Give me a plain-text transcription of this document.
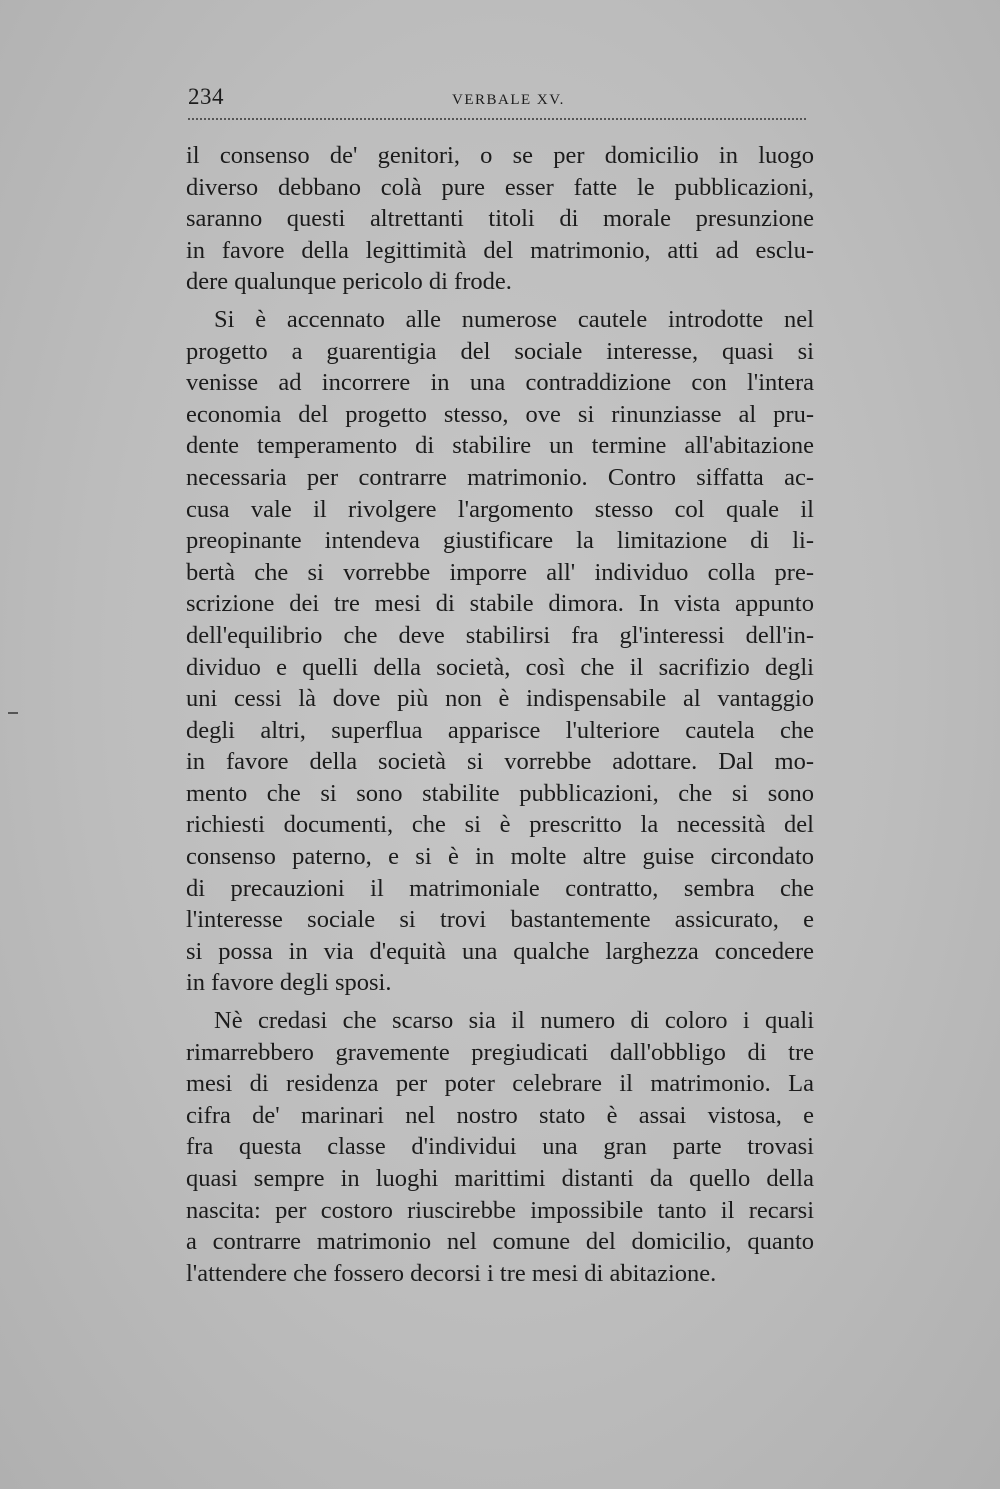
234	VERBALE XV.
il consenso de' genitori, o se per domicilio in luogo
diverso debbano colà pure esser fatte le pubblicazioni,
saranno questi altrettanti titoli di morale presunzione
in favore della legittimità del matrimonio, atti ad esclu-
dere qualunque pericolo di frode.
Si è accennato alle numerose cautele introdotte nel
progetto a guarentigia del sociale interesse, quasi si
venisse ad incorrere in una contraddizione con l'intera
economia del progetto stesso, ove si rinunziasse al pru-
dente temperamento di stabilire un termine all'abitazione
necessaria per contrarre matrimonio. Contro siffatta ac-
cusa vale il rivolgere l'argomento stesso col quale il
preopinante intendeva giustificare la limitazione di li-
bertà che si vorrebbe imporre all' individuo colla pre-
scrizione dei tre mesi di stabile dimora. In vista appunto
dell'equilibrio che deve stabilirsi fra gl'interessi dell'in-
dividuo e quelli della società, così che il sacrifizio degli
uni cessi là dove più non è indispensabile al vantaggio
degli altri, superflua apparisce l'ulteriore cautela che
in favore della società si vorrebbe adottare. Dal mo-
mento che si sono stabilite pubblicazioni, che si sono
richiesti documenti, che si è prescritto la necessità del
consenso paterno, e si è in molte altre guise circondato
di precauzioni il matrimoniale contratto, sembra che
l'interesse sociale si trovi bastantemente assicurato, e
si possa in via d'equità una qualche larghezza concedere
in favore degli sposi.
Nè credasi che scarso sia il numero di coloro i quali
rimarrebbero gravemente pregiudicati dall'obbligo di tre
mesi di residenza per poter celebrare il matrimonio. La
cifra de' marinari nel nostro stato è assai vistosa, e
fra questa classe d'individui una gran parte trovasi
quasi sempre in luoghi marittimi distanti da quello della
nascita: per costoro riuscirebbe impossibile tanto il recarsi
a contrarre matrimonio nel comune del domicilio, quanto
l'attendere che fossero decorsi i tre mesi di abitazione.
